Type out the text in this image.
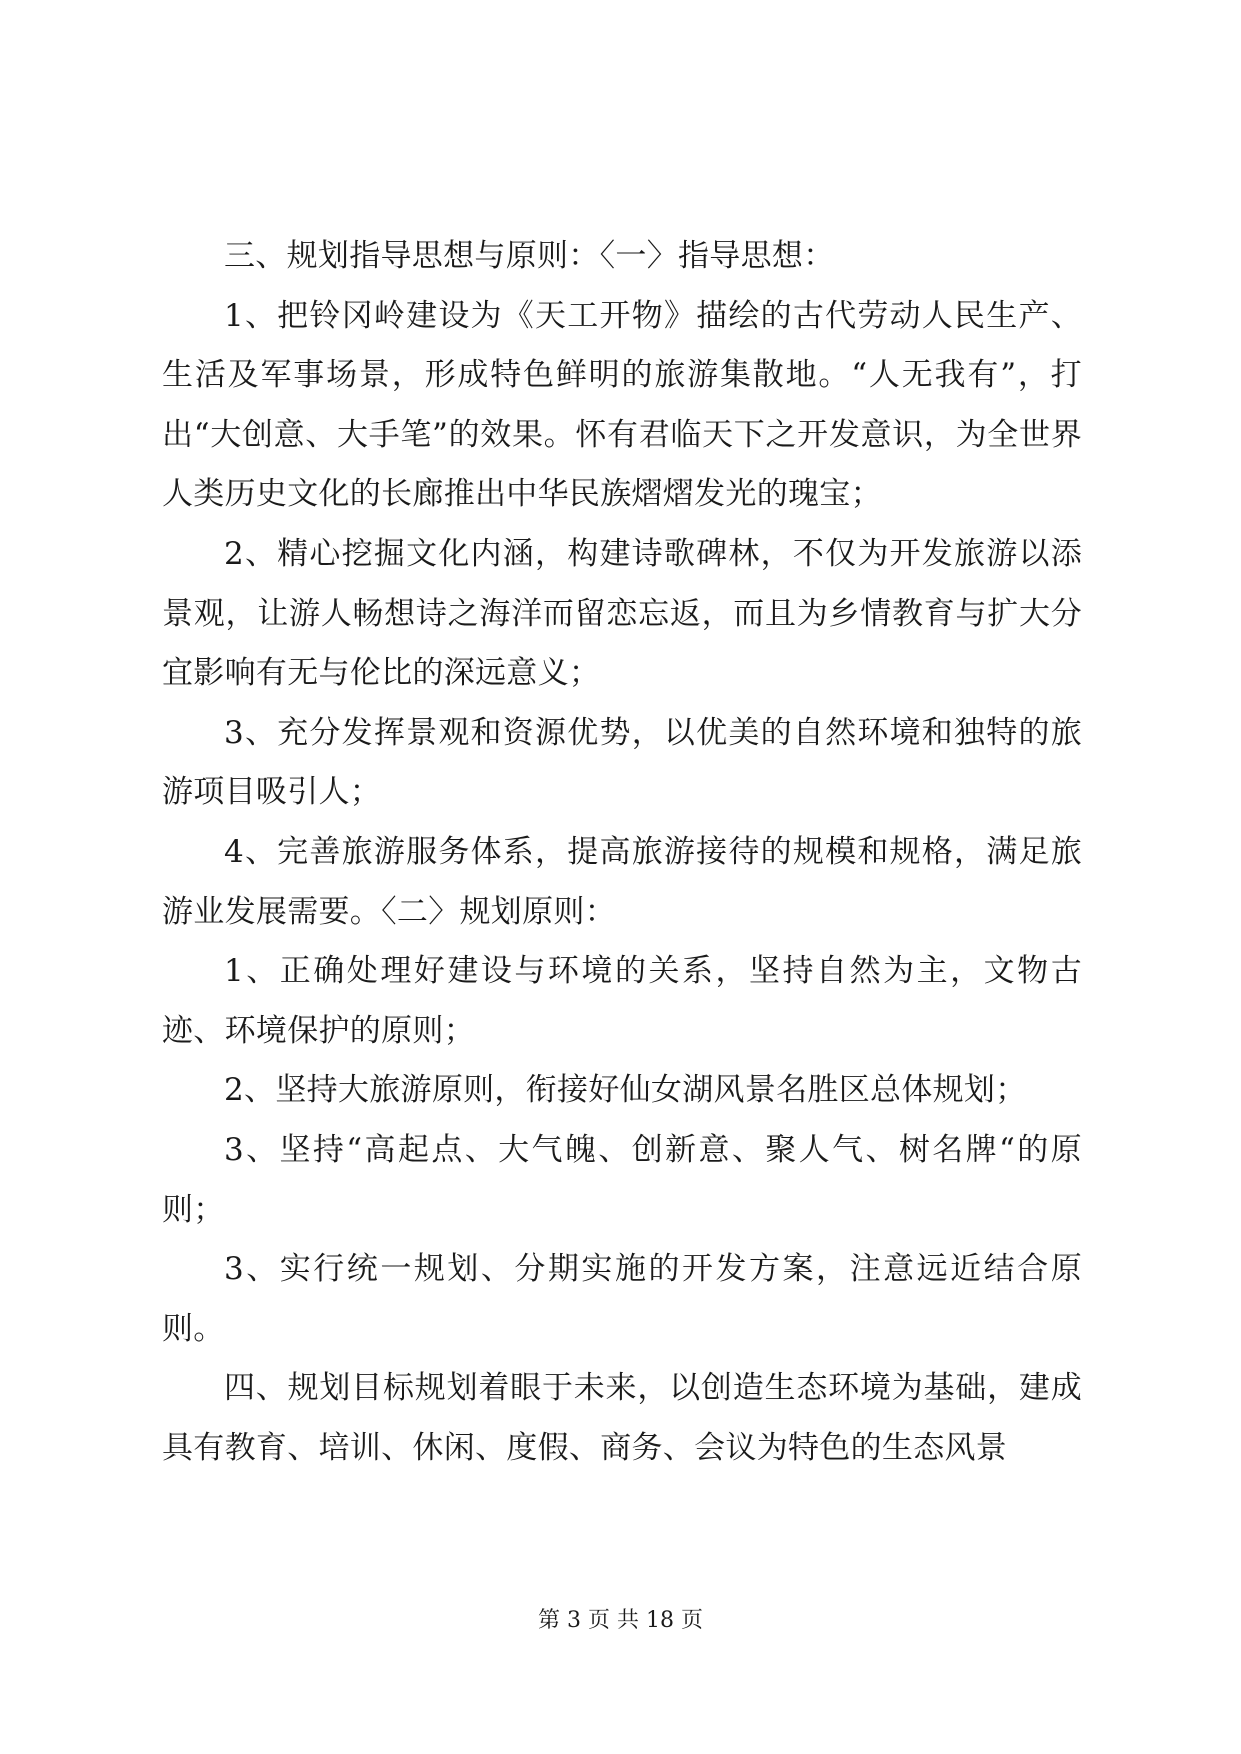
三、规划指导思想与原则：〈一〉指导思想：

1、把铃冈岭建设为《天工开物》描绘的古代劳动人民生产、生活及军事场景，形成特色鲜明的旅游集散地。“人无我有”，打出“大创意、大手笔”的效果。怀有君临天下之开发意识，为全世界人类历史文化的长廊推出中华民族熠熠发光的瑰宝；

2、精心挖掘文化内涵，构建诗歌碑林，不仅为开发旅游以添景观，让游人畅想诗之海洋而留恋忘返，而且为乡情教育与扩大分宜影响有无与伦比的深远意义；

3、充分发挥景观和资源优势，以优美的自然环境和独特的旅游项目吸引人；

4、完善旅游服务体系，提高旅游接待的规模和规格，满足旅游业发展需要。〈二〉规划原则：

1、正确处理好建设与环境的关系，坚持自然为主，文物古迹、环境保护的原则；

2、坚持大旅游原则，衔接好仙女湖风景名胜区总体规划；

3、坚持“高起点、大气魄、创新意、聚人气、树名牌“的原则；

3、实行统一规划、分期实施的开发方案，注意远近结合原则。

四、规划目标规划着眼于未来，以创造生态环境为基础，建成具有教育、培训、休闲、度假、商务、会议为特色的生态风景

第 3 页 共 18 页
